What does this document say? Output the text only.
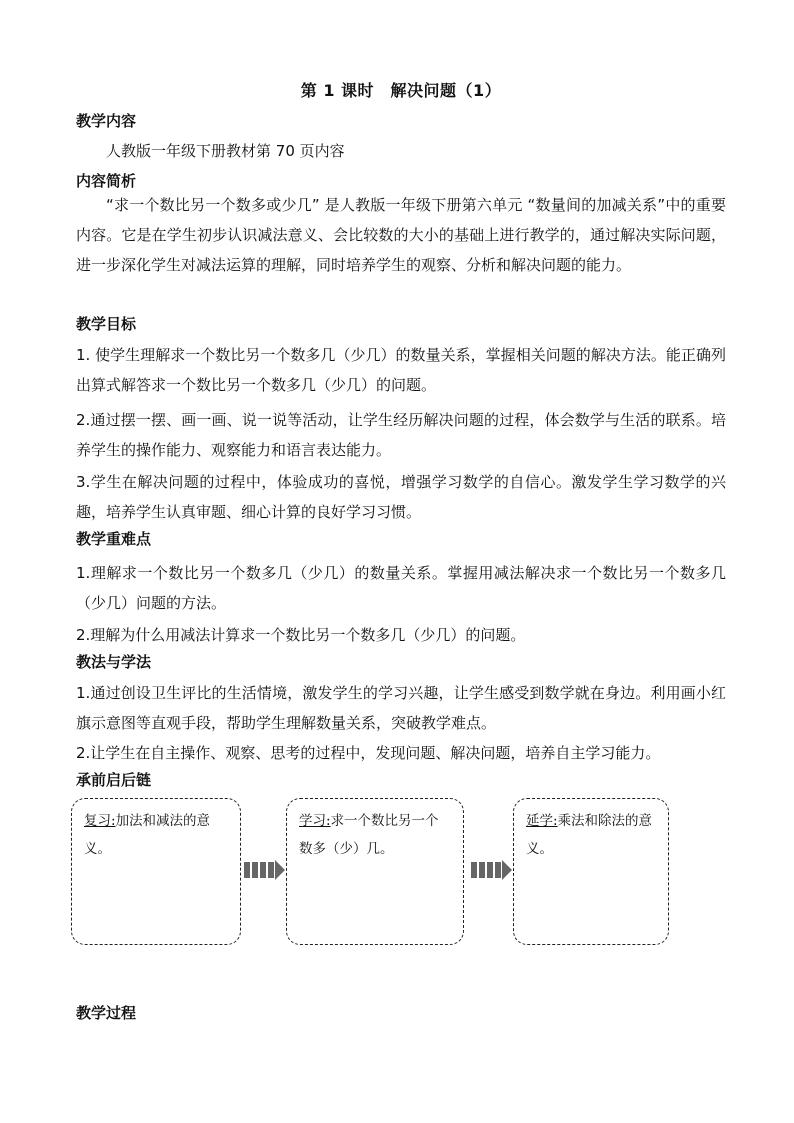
第 1 课时　解决问题（1）
教学内容
人教版一年级下册教材第 70 页内容
内容简析
“求一个数比另一个数多或少几” 是人教版一年级下册第六单元 “数量间的加减关系”中的重要内容。它是在学生初步认识减法意义、会比较数的大小的基础上进行教学的，通过解决实际问题，进一步深化学生对减法运算的理解，同时培养学生的观察、分析和解决问题的能力。
教学目标
1. 使学生理解求一个数比另一个数多几（少几）的数量关系，掌握相关问题的解决方法。能正确列出算式解答求一个数比另一个数多几（少几）的问题。
2.通过摆一摆、画一画、说一说等活动，让学生经历解决问题的过程，体会数学与生活的联系。培养学生的操作能力、观察能力和语言表达能力。
3.学生在解决问题的过程中，体验成功的喜悦，增强学习数学的自信心。激发学生学习数学的兴趣，培养学生认真审题、细心计算的良好学习习惯。
教学重难点
1.理解求一个数比另一个数多几（少几）的数量关系。掌握用减法解决求一个数比另一个数多几（少几）问题的方法。
2.理解为什么用减法计算求一个数比另一个数多几（少几）的问题。
教法与学法
1.通过创设卫生评比的生活情境，激发学生的学习兴趣，让学生感受到数学就在身边。利用画小红旗示意图等直观手段，帮助学生理解数量关系，突破教学难点。
2.让学生在自主操作、观察、思考的过程中，发现问题、解决问题，培养自主学习能力。
承前启后链
复习:加法和减法的意义。
学习:求一个数比另一个数多（少）几。
延学:乘法和除法的意义。
教学过程
